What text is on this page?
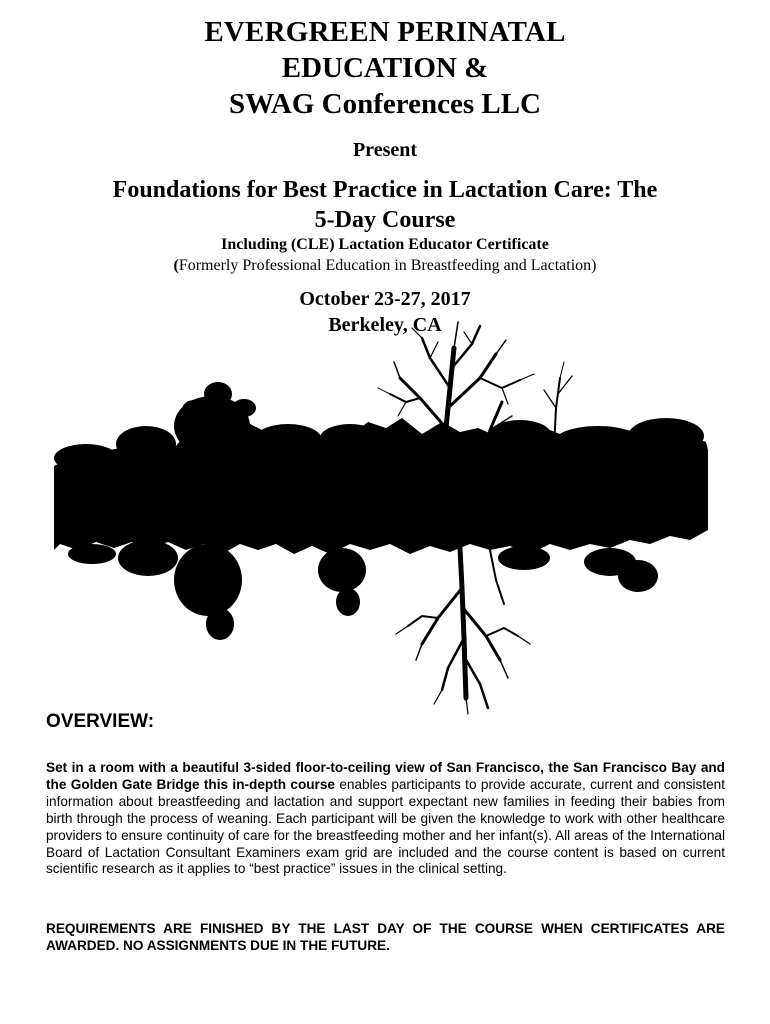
EVERGREEN PERINATAL
EDUCATION &
SWAG Conferences LLC
Present
Foundations for Best Practice in Lactation Care: The
5-Day Course
Including (CLE) Lactation Educator Certificate
(Formerly Professional Education in Breastfeeding and Lactation)
October 23-27, 2017
Berkeley, CA
OVERVIEW:
Set in a room with a beautiful 3-sided floor-to-ceiling view of San Francisco, the San Francisco Bay and the Golden Gate Bridge this in-depth course enables participants to provide accurate, current and consistent information about breastfeeding and lactation and support expectant new families in feeding their babies from birth through the process of weaning. Each participant will be given the knowledge to work with other healthcare providers to ensure continuity of care for the breastfeeding mother and her infant(s). All areas of the International Board of Lactation Consultant Examiners exam grid are included and the course content is based on current scientific research as it applies to “best practice” issues in the clinical setting.
REQUIREMENTS ARE FINISHED BY THE LAST DAY OF THE COURSE WHEN CERTIFICATES ARE AWARDED. NO ASSIGNMENTS DUE IN THE FUTURE.
